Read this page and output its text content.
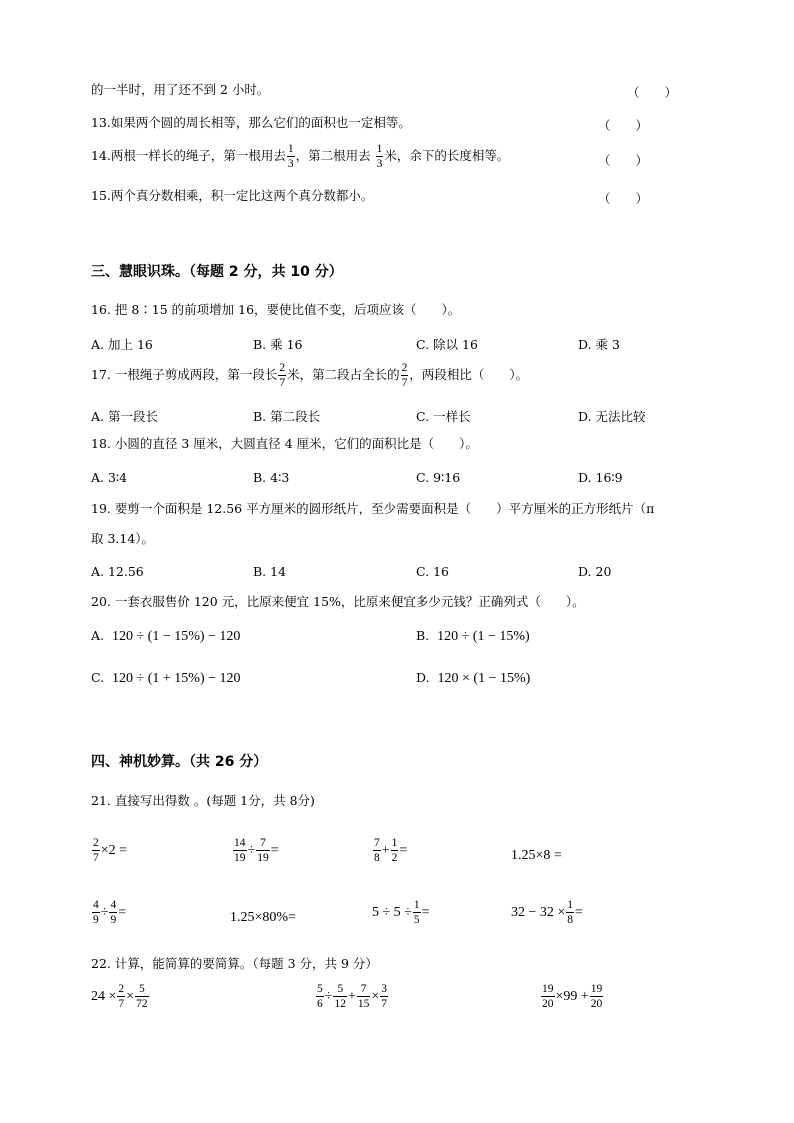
的一半时，用了还不到 2 小时。	（　　）
13.如果两个圆的周长相等，那么它们的面积也一定相等。	（　　）
14.两根一样长的绳子，第一根用去 $\frac{1}{3}$ ，第二根用去 $\frac{1}{3}$ 米，余下的长度相等。	（　　）
15.两个真分数相乘，积一定比这两个真分数都小。	（　　）
三、慧眼识珠。（每题 2 分，共 10 分）
16. 把 8∶15 的前项增加 16，要使比值不变，后项应该（　　）。
A. 加上 16	B. 乘 16	C. 除以 16	D. 乘 3
17. 一根绳子剪成两段，第一段长 $\frac{2}{7}$ 米，第二段占全长的 $\frac{2}{7}$ ，两段相比（　　）。
A. 第一段长	B. 第二段长	C. 一样长	D. 无法比较
18. 小圆的直径 3 厘米，大圆直径 4 厘米，它们的面积比是（　　）。
A. 3∶4	B. 4∶3	C. 9∶16	D. 16∶9
19. 要剪一个面积是 12.56 平方厘米的圆形纸片，至少需要面积是（　　）平方厘米的正方形纸片（π
取 3.14）。
A. 12.56	B. 14	C. 16	D. 20
20. 一套衣服售价 120 元，比原来便宜 15%，比原来便宜多少元钱？正确列式（　　）。
A. 120 ÷ (1 − 15%) − 120	B. 120 ÷ (1 − 15%)
C. 120 ÷ (1 + 15%) − 120	D. 120 × (1 − 15%)
四、神机妙算。（共 26 分）
21. 直接写出得数 。(每题 1分，共 8分)
$\frac{2}{7} \times 2$ =	$\frac{14}{19} \div \frac{7}{19}$ =	$\frac{7}{8} + \frac{1}{2}$ =	1.25×8 =
$\frac{4}{9} \div \frac{4}{9}$ =	1.25×80%=	$5 \div 5 \div \frac{1}{5}$ =	$32 - 32 \times \frac{1}{8}$ =
22. 计算，能简算的要简算。（每题 3 分，共 9 分）
$24 \times \frac{2}{7} \times \frac{5}{72}$	$\frac{5}{6} \div \frac{5}{12} + \frac{7}{15} \times \frac{3}{7}$	$\frac{19}{20} \times 99 + \frac{19}{20}$
